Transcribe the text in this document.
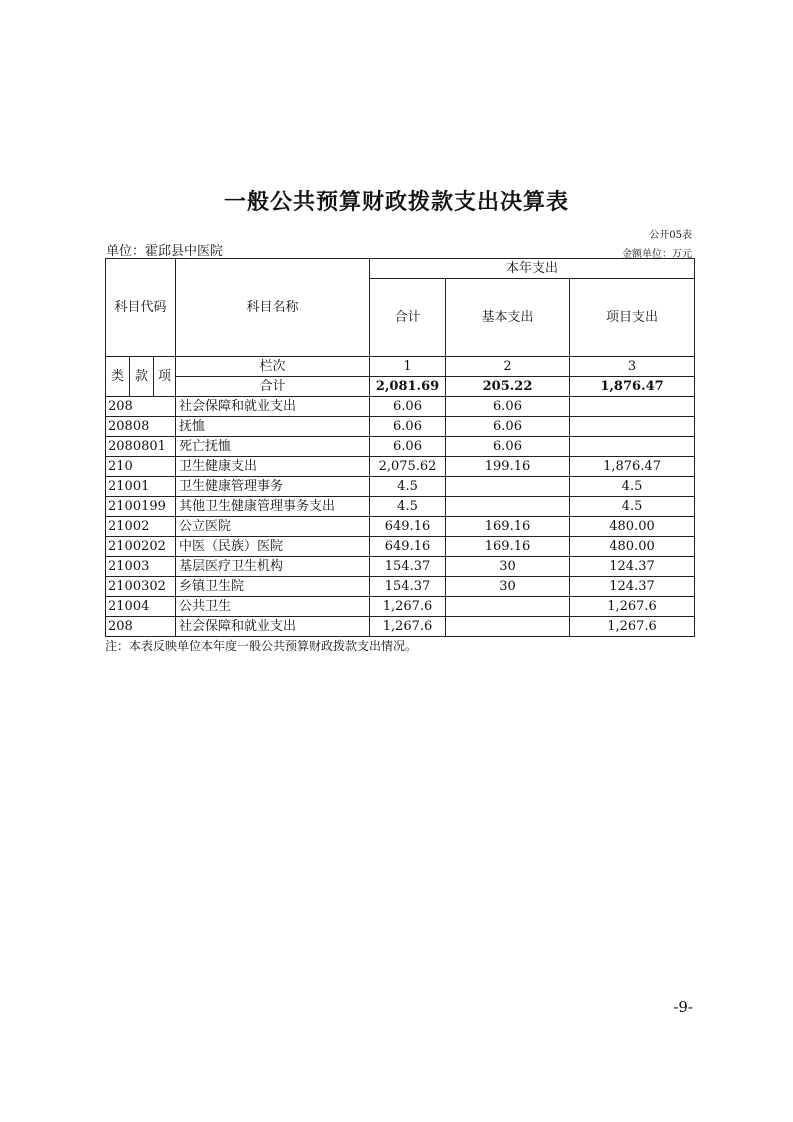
一般公共预算财政拨款支出决算表
公开05表
单位：霍邱县中医院	金额单位：万元
科目代码			科目名称	本年支出		
				合计	基本支出	项目支出
类	款	项	栏次	1	2	3
			合计	2,081.69	205.22	1,876.47
208			社会保障和就业支出	6.06	6.06	
20808			抚恤	6.06	6.06	
2080801			死亡抚恤	6.06	6.06	
210			卫生健康支出	2,075.62	199.16	1,876.47
21001			卫生健康管理事务	4.5		4.5
2100199			其他卫生健康管理事务支出	4.5		4.5
21002			公立医院	649.16	169.16	480.00
2100202			中医（民族）医院	649.16	169.16	480.00
21003			基层医疗卫生机构	154.37	30	124.37
2100302			乡镇卫生院	154.37	30	124.37
21004			公共卫生	1,267.6		1,267.6
208			社会保障和就业支出	1,267.6		1,267.6
注：本表反映单位本年度一般公共预算财政拨款支出情况。
-9-
